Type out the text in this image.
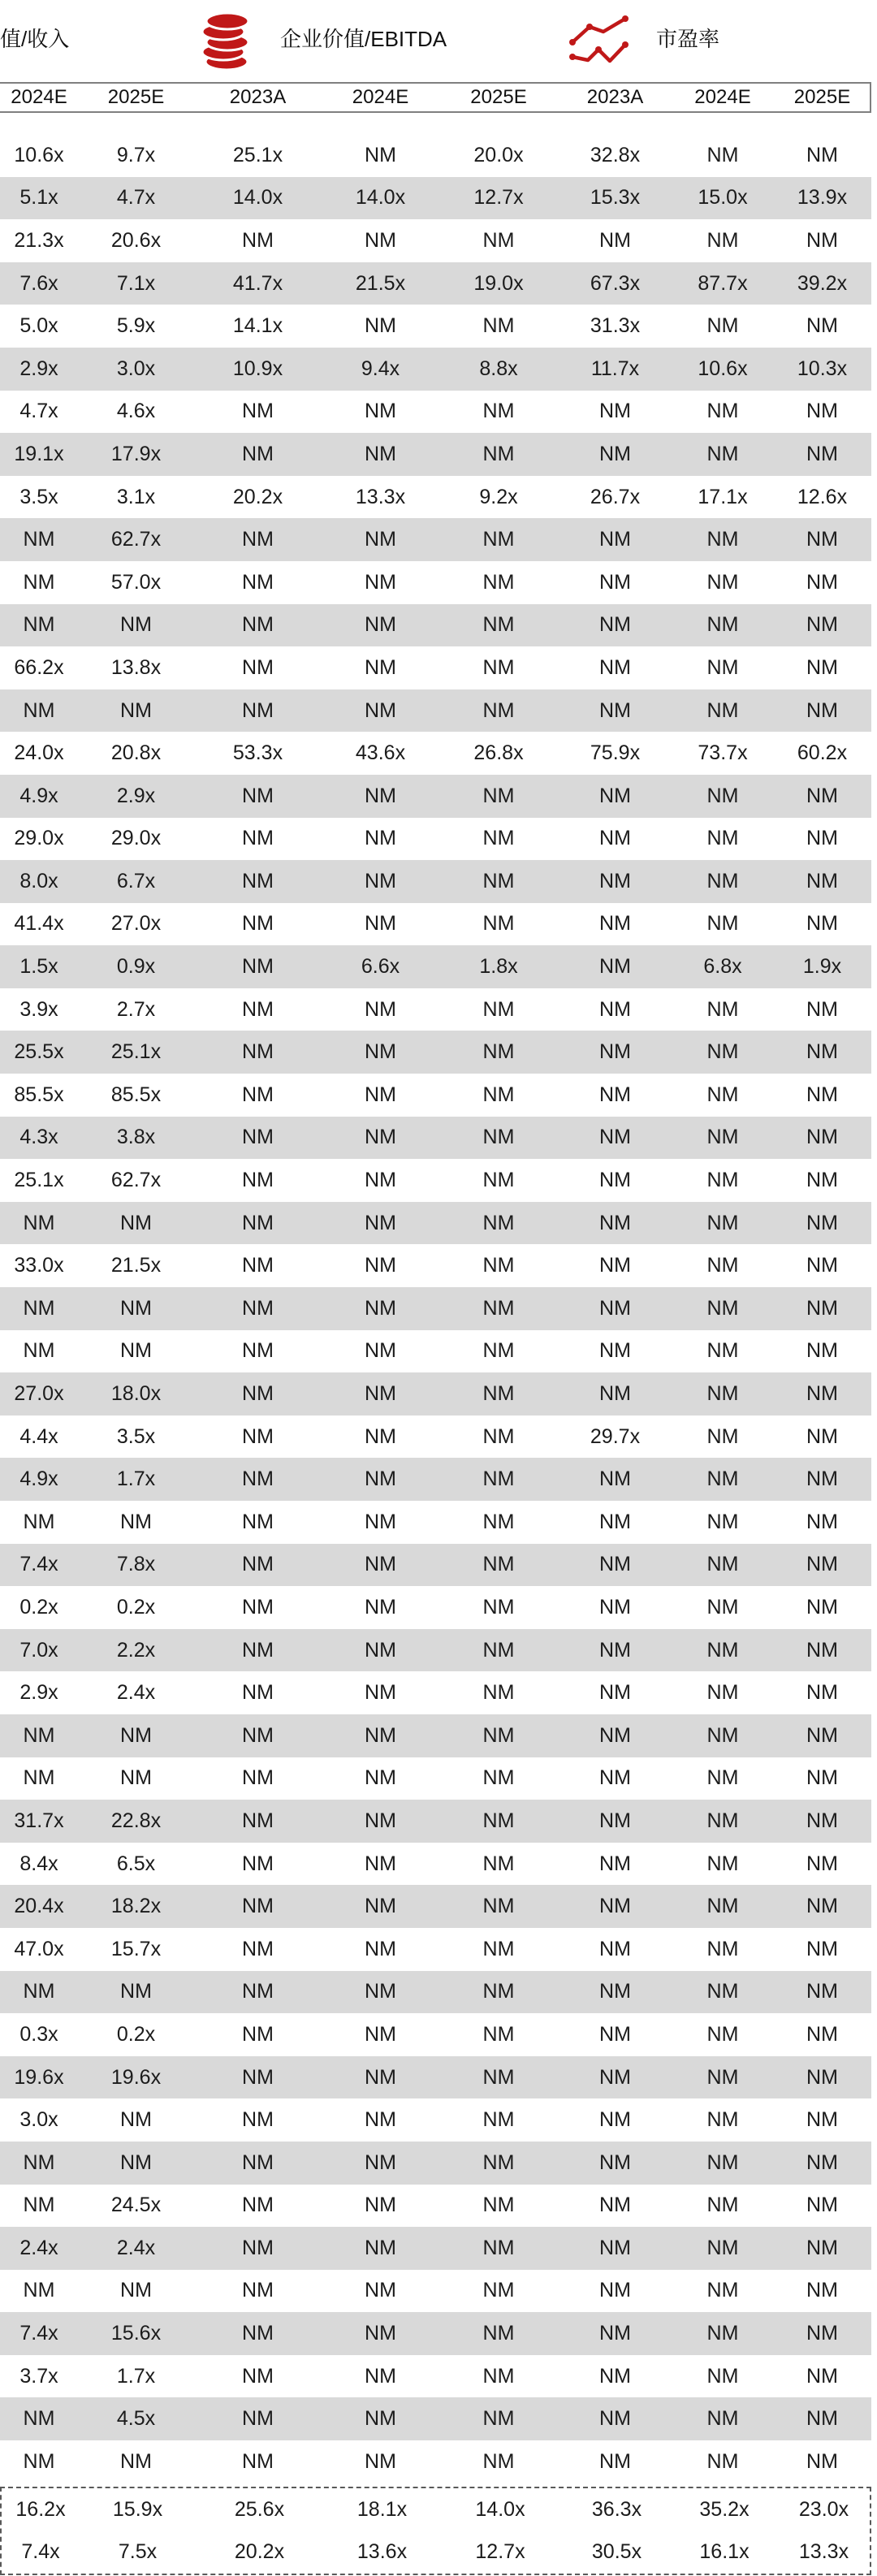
值/收入	企业价值/EBITDA	市盈率
2024E	2025E	2023A	2024E	2025E	2023A	2024E	2025E
10.6x	9.7x	25.1x	NM	20.0x	32.8x	NM	NM
5.1x	4.7x	14.0x	14.0x	12.7x	15.3x	15.0x	13.9x
21.3x	20.6x	NM	NM	NM	NM	NM	NM
7.6x	7.1x	41.7x	21.5x	19.0x	67.3x	87.7x	39.2x
5.0x	5.9x	14.1x	NM	NM	31.3x	NM	NM
2.9x	3.0x	10.9x	9.4x	8.8x	11.7x	10.6x	10.3x
4.7x	4.6x	NM	NM	NM	NM	NM	NM
19.1x	17.9x	NM	NM	NM	NM	NM	NM
3.5x	3.1x	20.2x	13.3x	9.2x	26.7x	17.1x	12.6x
NM	62.7x	NM	NM	NM	NM	NM	NM
NM	57.0x	NM	NM	NM	NM	NM	NM
NM	NM	NM	NM	NM	NM	NM	NM
66.2x	13.8x	NM	NM	NM	NM	NM	NM
NM	NM	NM	NM	NM	NM	NM	NM
24.0x	20.8x	53.3x	43.6x	26.8x	75.9x	73.7x	60.2x
4.9x	2.9x	NM	NM	NM	NM	NM	NM
29.0x	29.0x	NM	NM	NM	NM	NM	NM
8.0x	6.7x	NM	NM	NM	NM	NM	NM
41.4x	27.0x	NM	NM	NM	NM	NM	NM
1.5x	0.9x	NM	6.6x	1.8x	NM	6.8x	1.9x
3.9x	2.7x	NM	NM	NM	NM	NM	NM
25.5x	25.1x	NM	NM	NM	NM	NM	NM
85.5x	85.5x	NM	NM	NM	NM	NM	NM
4.3x	3.8x	NM	NM	NM	NM	NM	NM
25.1x	62.7x	NM	NM	NM	NM	NM	NM
NM	NM	NM	NM	NM	NM	NM	NM
33.0x	21.5x	NM	NM	NM	NM	NM	NM
NM	NM	NM	NM	NM	NM	NM	NM
NM	NM	NM	NM	NM	NM	NM	NM
27.0x	18.0x	NM	NM	NM	NM	NM	NM
4.4x	3.5x	NM	NM	NM	29.7x	NM	NM
4.9x	1.7x	NM	NM	NM	NM	NM	NM
NM	NM	NM	NM	NM	NM	NM	NM
7.4x	7.8x	NM	NM	NM	NM	NM	NM
0.2x	0.2x	NM	NM	NM	NM	NM	NM
7.0x	2.2x	NM	NM	NM	NM	NM	NM
2.9x	2.4x	NM	NM	NM	NM	NM	NM
NM	NM	NM	NM	NM	NM	NM	NM
NM	NM	NM	NM	NM	NM	NM	NM
31.7x	22.8x	NM	NM	NM	NM	NM	NM
8.4x	6.5x	NM	NM	NM	NM	NM	NM
20.4x	18.2x	NM	NM	NM	NM	NM	NM
47.0x	15.7x	NM	NM	NM	NM	NM	NM
NM	NM	NM	NM	NM	NM	NM	NM
0.3x	0.2x	NM	NM	NM	NM	NM	NM
19.6x	19.6x	NM	NM	NM	NM	NM	NM
3.0x	NM	NM	NM	NM	NM	NM	NM
NM	NM	NM	NM	NM	NM	NM	NM
NM	24.5x	NM	NM	NM	NM	NM	NM
2.4x	2.4x	NM	NM	NM	NM	NM	NM
NM	NM	NM	NM	NM	NM	NM	NM
7.4x	15.6x	NM	NM	NM	NM	NM	NM
3.7x	1.7x	NM	NM	NM	NM	NM	NM
NM	4.5x	NM	NM	NM	NM	NM	NM
NM	NM	NM	NM	NM	NM	NM	NM
16.2x	15.9x	25.6x	18.1x	14.0x	36.3x	35.2x	23.0x
7.4x	7.5x	20.2x	13.6x	12.7x	30.5x	16.1x	13.3x
